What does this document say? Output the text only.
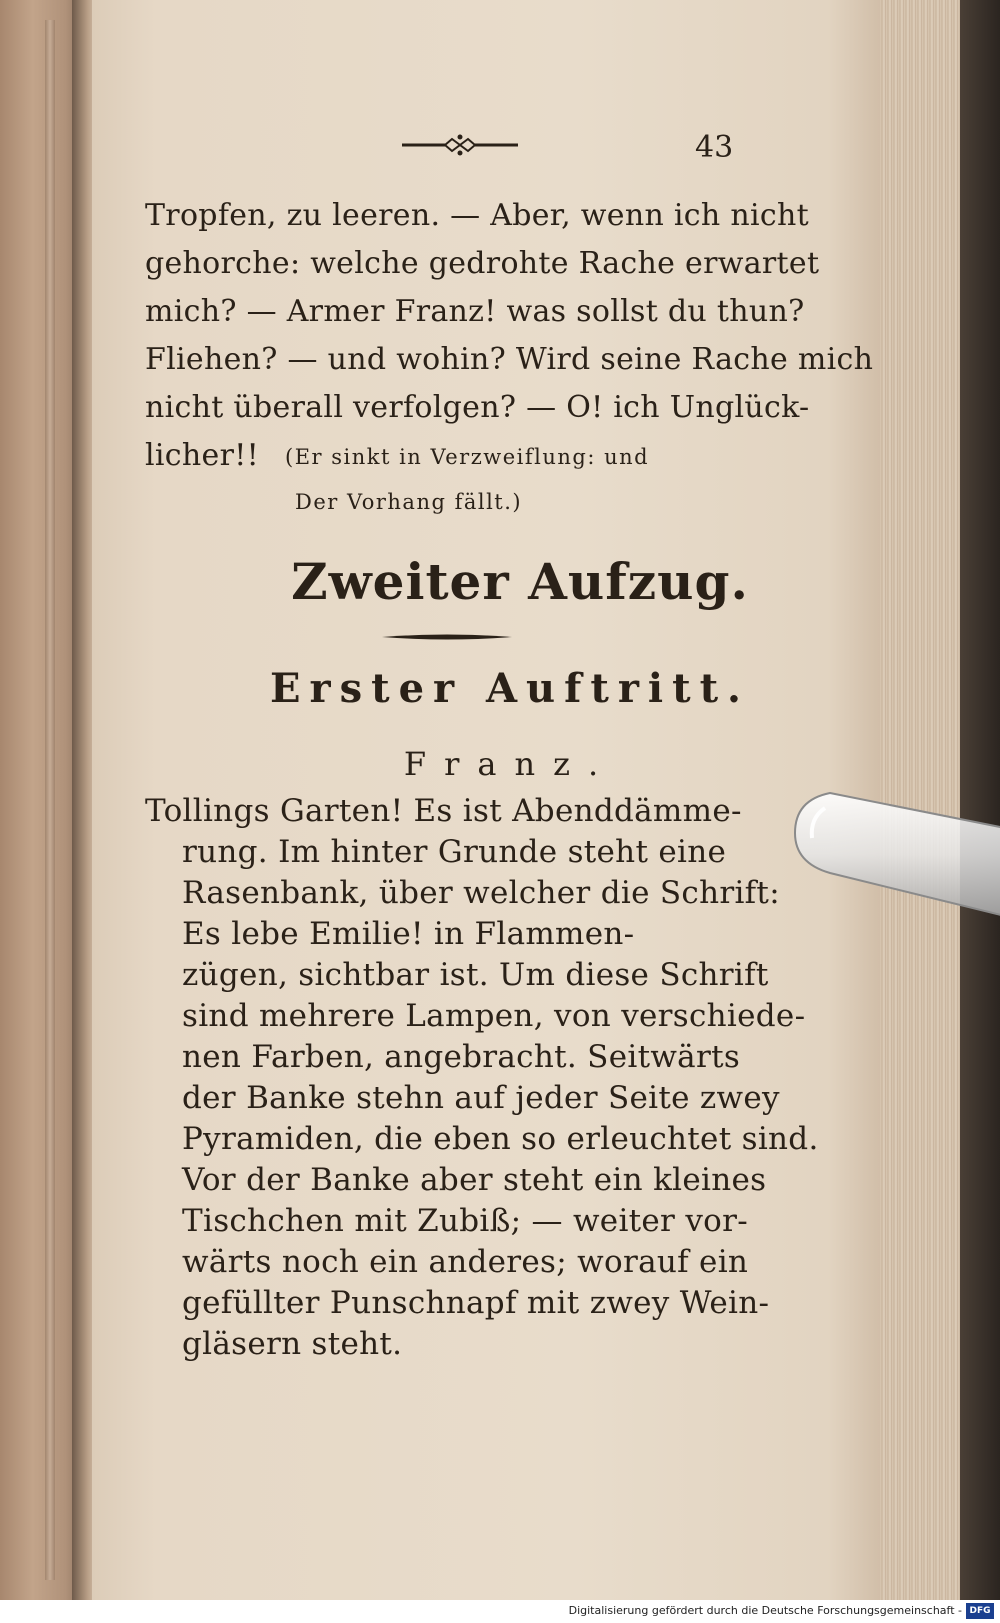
43
Tropfen, zu leeren. — Aber, wenn ich nicht
gehorche: welche gedrohte Rache erwartet
mich? — Armer Franz! was sollst du thun?
Fliehen? — und wohin? Wird seine Rache mich
nicht überall verfolgen? — O! ich Unglück-
licher!! (Er sinkt in Verzweiflung: und
Der Vorhang fällt.)
Zweiter Aufzug.
Erster Auftritt.
Franz.
Tollings Garten! Es ist Abenddämme-
rung. Im hinter Grunde steht eine
Rasenbank, über welcher die Schrift:
Es lebe Emilie! in Flammen-
zügen, sichtbar ist. Um diese Schrift
sind mehrere Lampen, von verschiede-
nen Farben, angebracht. Seitwärts
der Banke stehn auf jeder Seite zwey
Pyramiden, die eben so erleuchtet sind.
Vor der Banke aber steht ein kleines
Tischchen mit Zubiß; — weiter vor-
wärts noch ein anderes; worauf ein
gefüllter Punschnapf mit zwey Wein-
gläsern steht.
Digitalisierung gefördert durch die Deutsche Forschungsgemeinschaft - DFG
